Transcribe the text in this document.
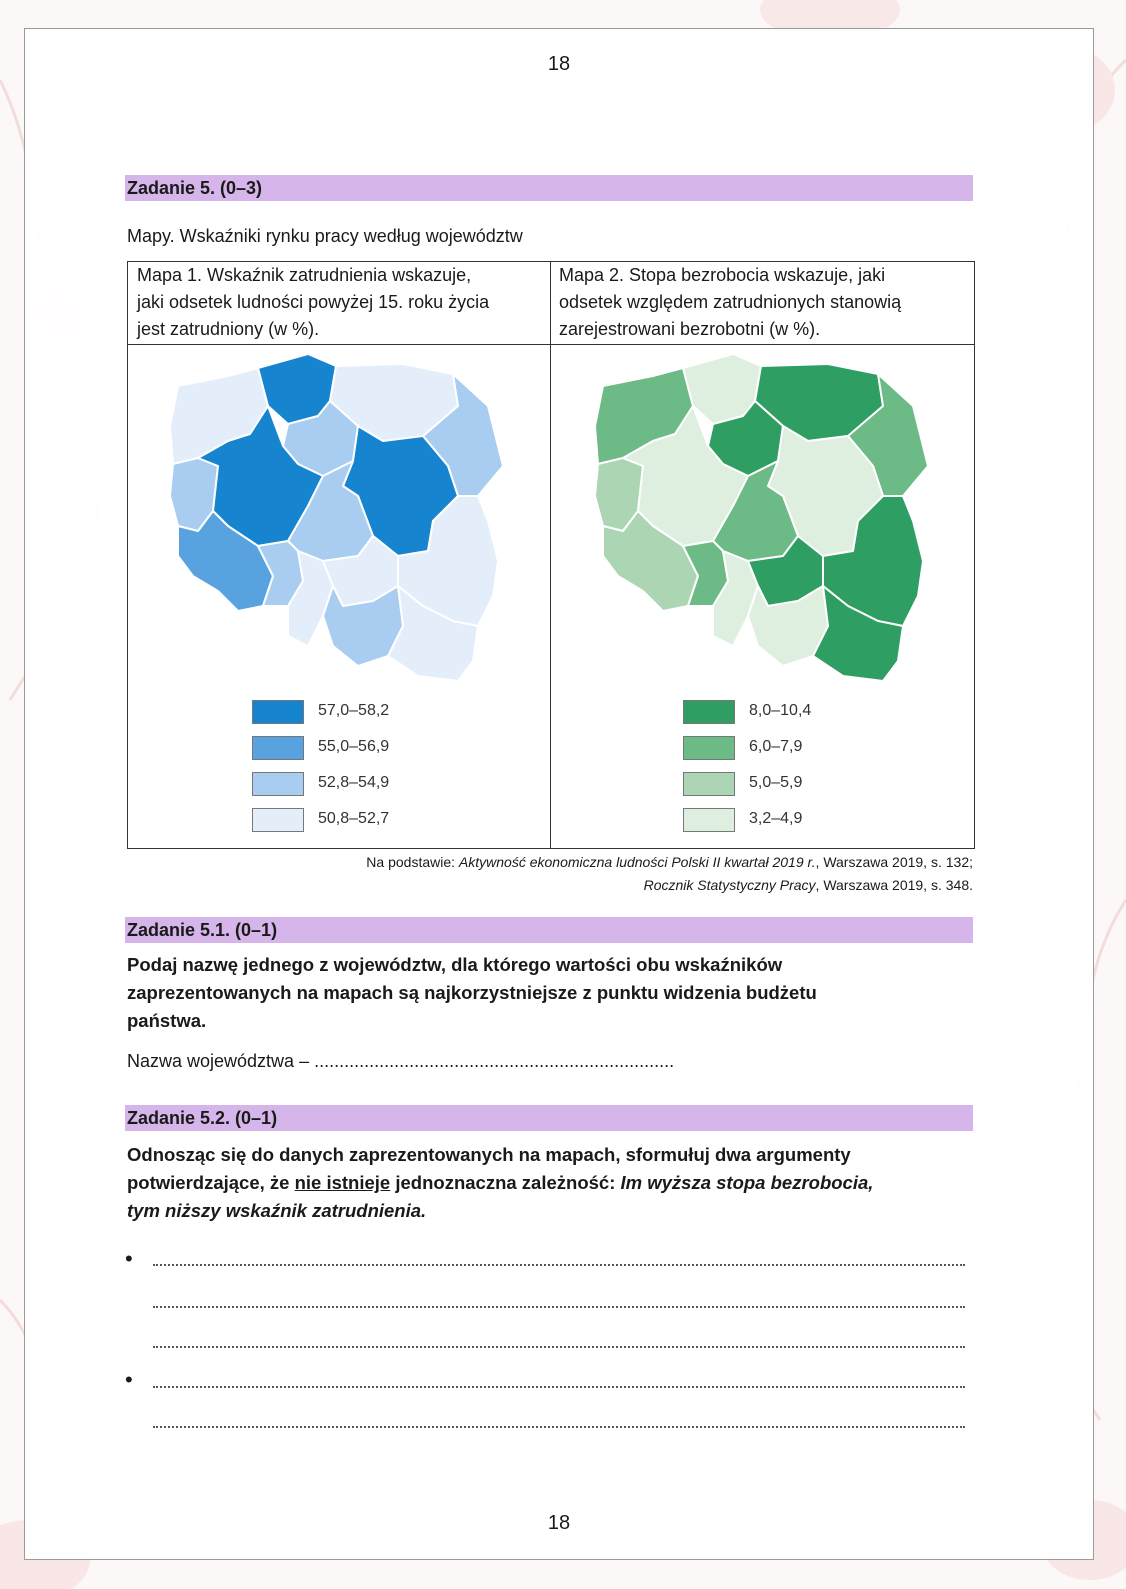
18
Zadanie 5. (0–3)
Mapy. Wskaźniki rynku pracy według województw
Mapa 1. Wskaźnik zatrudnienia wskazuje,
jaki odsetek ludności powyżej 15. roku życia
jest zatrudniony (w %).
Mapa 2. Stopa bezrobocia wskazuje, jaki
odsetek względem zatrudnionych stanowią
zarejestrowani bezrobotni (w %).
57,0–58,2
55,0–56,9
52,8–54,9
50,8–52,7
8,0–10,4
6,0–7,9
5,0–5,9
3,2–4,9
Na podstawie: Aktywność ekonomiczna ludności Polski II kwartał 2019 r., Warszawa 2019, s. 132;
Rocznik Statystyczny Pracy, Warszawa 2019, s. 348.
Zadanie 5.1. (0–1)
Podaj nazwę jednego z województw, dla którego wartości obu wskaźników
zaprezentowanych na mapach są najkorzystniejsze z punktu widzenia budżetu
państwa.
Nazwa województwa – ........................................................................
Zadanie 5.2. (0–1)
Odnosząc się do danych zaprezentowanych na mapach, sformułuj dwa argumenty
potwierdzające, że nie istnieje jednoznaczna zależność: Im wyższa stopa bezrobocia,
tym niższy wskaźnik zatrudnienia.
•
•
18
